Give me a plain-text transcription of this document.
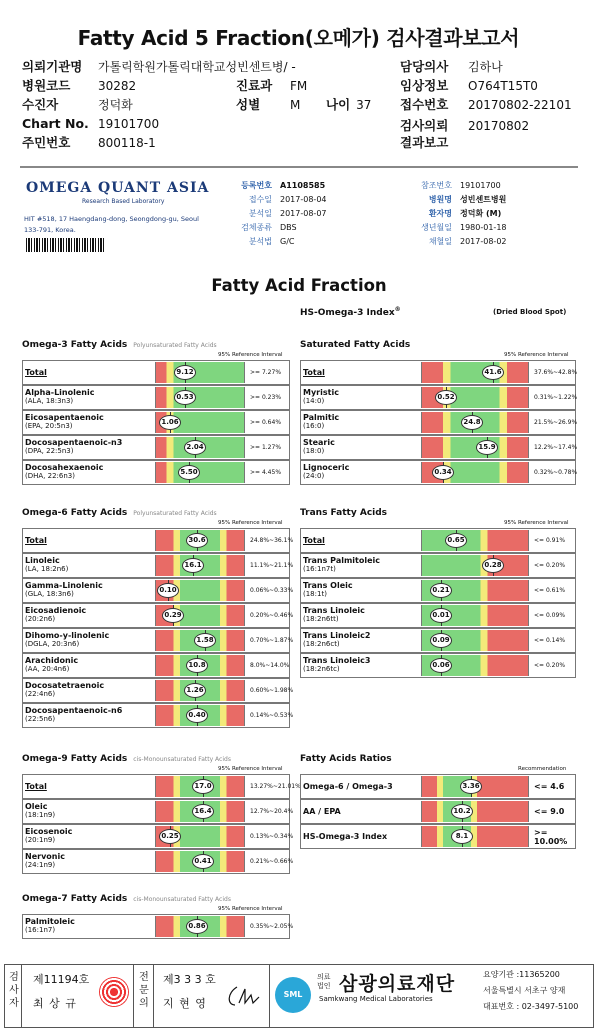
Fatty Acid 5 Fraction(오메가) 검사결과보고서
의뢰기관명 가톨릭학원가톨릭대학교성빈센트병/ -
병원코드 30282	진료과 FM
수진자	정덕화	성별 M 나이 37
Chart No. 19101700
주민번호 800118-1
담당의사 김하나
임상정보 O764T15T0
접수번호 20170802-22101
검사의뢰 20170802
결과보고
OMEGA QUANT ASIA
Research Based Laboratory
HIT #518, 17 Haengdang-dong, Seongdong-gu, Seoul 133-791, Korea.
등록번호 A1108585
접수일 2017-08-04
분석일 2017-08-07
검체종류 DBS
분석법 G/C
참조번호 19101700
병원명 성빈센트병원
환자명 정덕화 (M)
생년월일 1980-01-18
채혈일 2017-08-02
Fatty Acid Fraction
HS-Omega-3 Index®	(Dried Blood Spot)
Omega-3 Fatty Acids Polyunsaturated Fatty Acids
95% Reference Interval
Total	9.12	>= 7.27%
Alpha-Linolenic
(ALA, 18:3n3)	0.53	>= 0.23%
Eicosapentaenoic
(EPA, 20:5n3)	1.06	>= 0.64%
Docosapentaenoic-n3
(DPA, 22:5n3)	2.04	>= 1.27%
Docosahexaenoic
(DHA, 22:6n3)	5.50	>= 4.45%
Saturated Fatty Acids
95% Reference Interval
Total	41.6	37.6%~42.8%
Myristic
(14:0)	0.52	0.31%~1.22%
Palmitic
(16:0)	24.8	21.5%~26.9%
Stearic
(18:0)	15.9	12.2%~17.4%
Lignoceric
(24:0)	0.34	0.32%~0.78%
Omega-6 Fatty Acids Polyunsaturated Fatty Acids
95% Reference Interval
Total	30.6	24.8%~36.1%
Linoleic
(LA, 18:2n6)	16.1	11.1%~21.1%
Gamma-Linolenic
(GLA, 18:3n6)	0.10	0.06%~0.33%
Eicosadienoic
(20:2n6)	0.29	0.20%~0.46%
Dihomo-y-linolenic
(DGLA, 20:3n6)	1.58	0.70%~1.87%
Arachidonic
(AA, 20:4n6)	10.8	8.0%~14.0%
Docosatetraenoic
(22:4n6)	1.26	0.60%~1.98%
Docosapentaenoic-n6
(22:5n6)	0.40	0.14%~0.53%
Trans Fatty Acids
95% Reference Interval
Total	0.65	<= 0.91%
Trans Palmitoleic
(16:1n7t)	0.28	<= 0.20%
Trans Oleic
(18:1t)	0.21	<= 0.61%
Trans Linoleic
(18:2n6tt)	0.01	<= 0.09%
Trans Linoleic2
(18:2n6ct)	0.09	<= 0.14%
Trans Linoleic3
(18:2n6tc)	0.06	<= 0.20%
Omega-9 Fatty Acids cis-Monounsaturated Fatty Acids
95% Reference Interval
Total	17.0	13.27%~21.01%
Oleic
(18:1n9)	16.4	12.7%~20.4%
Eicosenoic
(20:1n9)	0.25	0.13%~0.34%
Nervonic
(24:1n9)	0.41	0.21%~0.66%
Fatty Acids Ratios
Recommendation
Omega-6 / Omega-3	3.36	<= 4.6
AA / EPA	10.2	<= 9.0
HS-Omega-3 Index	8.1	>= 10.00%
Omega-7 Fatty Acids cis-Monounsaturated Fatty Acids
95% Reference Interval
Palmitoleic
(16:1n7)	0.86	0.35%~2.05%
검사자
제11194호
최 상 규
전문의
제3 3 3 호
지 현 영
SML
의료법인 삼광의료재단
Samkwang Medical Laboratories
요양기관 :11365200
서울특별시 서초구 양재
대표번호 : 02-3497-5100
